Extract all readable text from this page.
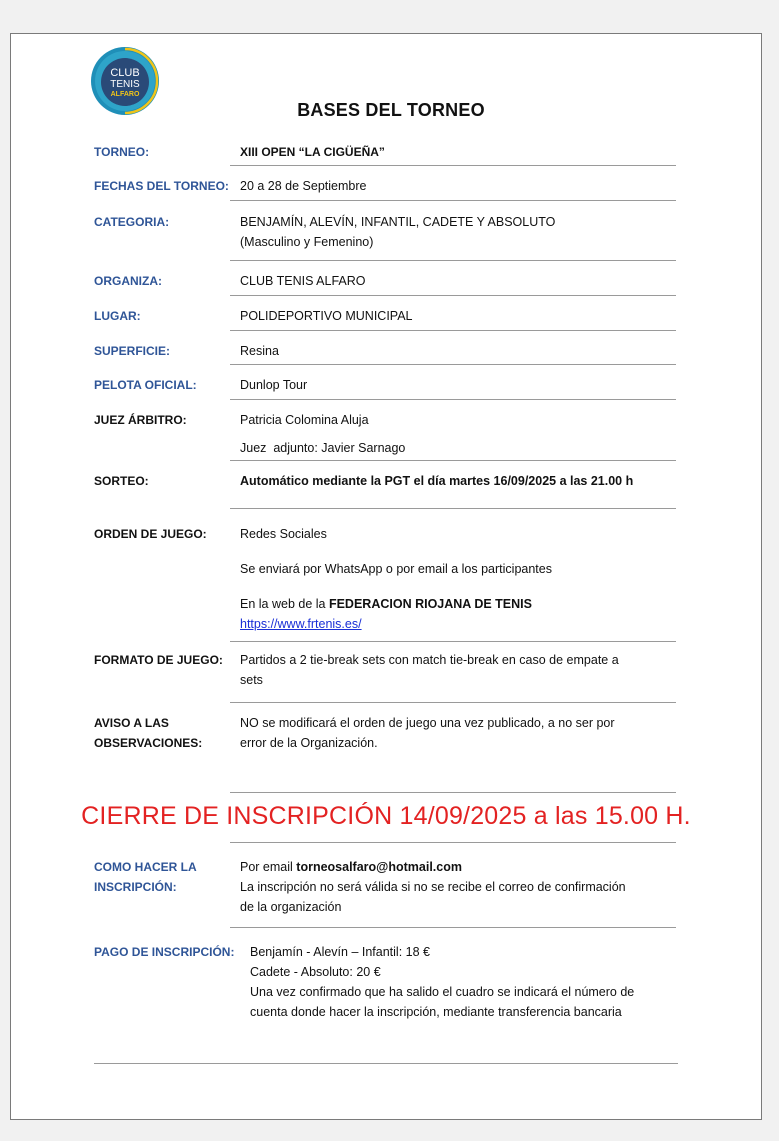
CLUB
TENIS
ALFARO
BASES DEL TORNEO
TORNEO:	XIII OPEN “LA CIGÜEÑA”
FECHAS DEL TORNEO: 20 a 28 de Septiembre
CATEGORIA:	BENJAMÍN, ALEVÍN, INFANTIL, CADETE Y ABSOLUTO
(Masculino y Femenino)
ORGANIZA:	CLUB TENIS ALFARO
LUGAR:	POLIDEPORTIVO MUNICIPAL
SUPERFICIE:	Resina
PELOTA OFICIAL:	Dunlop Tour
JUEZ ÁRBITRO:	Patricia Colomina Aluja
Juez  adjunto: Javier Sarnago
SORTEO:	Automático mediante la PGT el día martes 16/09/2025 a las 21.00 h
ORDEN DE JUEGO:	Redes Sociales
Se enviará por WhatsApp o por email a los participantes
En la web de la FEDERACION RIOJANA DE TENIS
https://www.frtenis.es/
FORMATO DE JUEGO: Partidos a 2 tie-break sets con match tie-break en caso de empate a
sets
AVISO A LAS
OBSERVACIONES:
NO se modificará el orden de juego una vez publicado, a no ser por
error de la Organización.
CIERRE DE INSCRIPCIÓN 14/09/2025 a las 15.00 H.
COMO HACER LA
INSCRIPCIÓN:
Por email torneosalfaro@hotmail.com
La inscripción no será válida si no se recibe el correo de confirmación
de la organización
PAGO DE INSCRIPCIÓN: Benjamín - Alevín – Infantil: 18 €
Cadete - Absoluto: 20 €
Una vez confirmado que ha salido el cuadro se indicará el número de
cuenta donde hacer la inscripción, mediante transferencia bancaria
